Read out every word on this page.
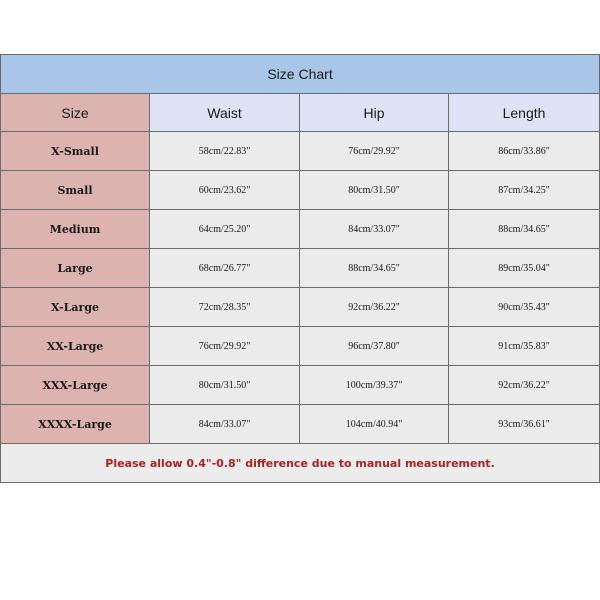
Size Chart			
Size	Waist	Hip	Length
X-Small	58cm/22.83"	76cm/29.92"	86cm/33.86"
Small	60cm/23.62"	80cm/31.50"	87cm/34.25"
Medium	64cm/25.20"	84cm/33.07"	88cm/34.65"
Large	68cm/26.77"	88cm/34.65"	89cm/35.04"
X-Large	72cm/28.35"	92cm/36.22"	90cm/35.43"
XX-Large	76cm/29.92"	96cm/37.80"	91cm/35.83"
XXX-Large	80cm/31.50"	100cm/39.37"	92cm/36.22"
XXXX-Large	84cm/33.07"	104cm/40.94"	93cm/36.61"
Please allow 0.4"-0.8" difference due to manual measurement.			
